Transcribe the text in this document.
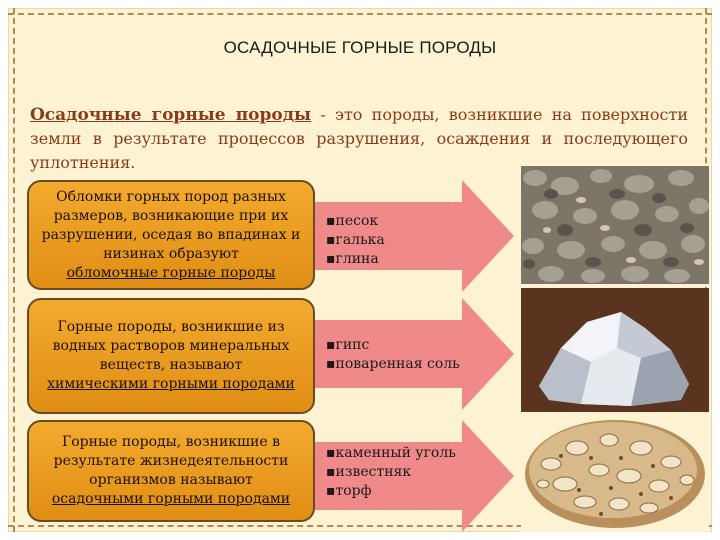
ОСАДОЧНЫЕ ГОРНЫЕ ПОРОДЫ
Осадочные горные породы - это породы, возникшие на поверхности земли в результате процессов разрушения, осаждения и последующего уплотнения.
Обломки горных пород разных размеров, возникающие при их разрушении, оседая во впадинах и низинах образуют
обломочные горные породы
▪песок
▪галька
▪глина
Горные породы, возникшие из водных растворов минеральных веществ, называют
химическими горными породами
▪гипс
▪поваренная соль
Горные породы, возникшие в результате жизнедеятельности организмов называют
осадочными горными породами
▪каменный уголь
▪известняк
▪торф
